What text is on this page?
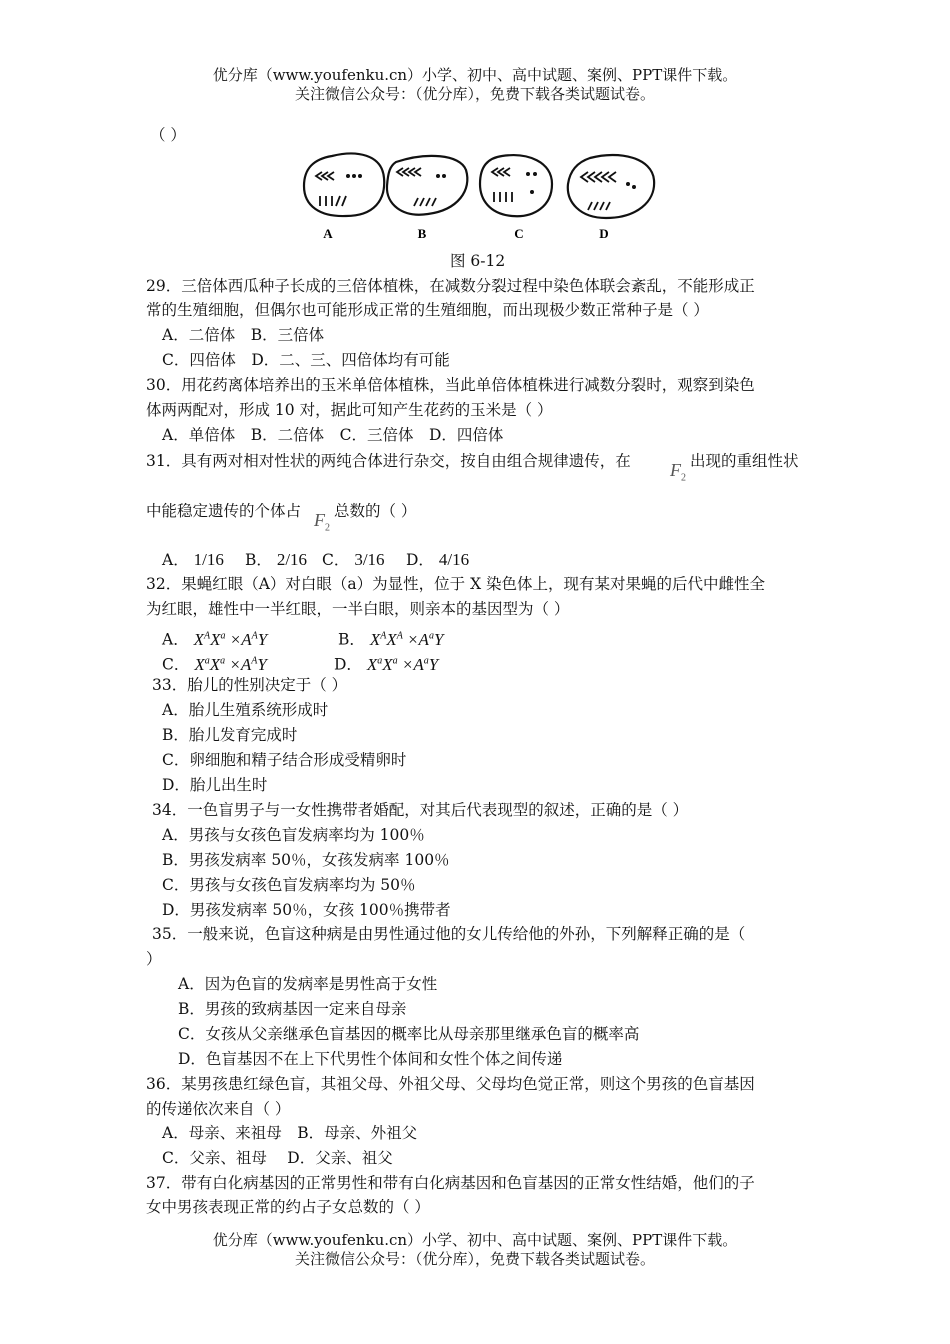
优分库（www.youfenku.cn）小学、初中、高中试题、案例、PPT课件下载。
关注微信公众号：（优分库），免费下载各类试题试卷。
（ ）
A	B	C	D
图 6-12
29．三倍体西瓜种子长成的三倍体植株，在减数分裂过程中染色体联会紊乱，不能形成正
常的生殖细胞，但偶尔也可能形成正常的生殖细胞，而出现极少数正常种子是（ ）
A．二倍体　B．三倍体
C．四倍体　D．二、三、四倍体均有可能
30．用花药离体培养出的玉米单倍体植株，当此单倍体植株进行减数分裂时，观察到染色
体两两配对，形成 10 对，据此可知产生花药的玉米是（ ）
A．单倍体　B．二倍体　C．三倍体　D．四倍体
31．具有两对相对性状的两纯合体进行杂交，按自由组合规律遗传，在 $F_2$
出现的重组性状
中能稳定遗传的个体占 $F_2$
总数的（ ）
A． 1/16 B． 2/16 C． 3/16 D． 4/16
32．果蝇红眼（A）对白眼（a）为显性，位于 X 染色体上，现有某对果蝇的后代中雌性全
为红眼，雄性中一半红眼，一半白眼，则亲本的基因型为（ ）
A． $X^AX^a \times A^AY$	B． $X^AX^A \times A^aY$
C． $X^aX^a \times A^AY$	D． $X^aX^a \times A^aY$
33．胎儿的性别决定于（ ）
A．胎儿生殖系统形成时
B．胎儿发育完成时
C．卵细胞和精子结合形成受精卵时
D．胎儿出生时
34．一色盲男子与一女性携带者婚配，对其后代表现型的叙述，正确的是（ ）
A．男孩与女孩色盲发病率均为 100％
B．男孩发病率 50％，女孩发病率 100％
C．男孩与女孩色盲发病率均为 50％
D．男孩发病率 50％，女孩 100％携带者
35．一般来说，色盲这种病是由男性通过他的女儿传给他的外孙，下列解释正确的是（
）
A．因为色盲的发病率是男性高于女性
B．男孩的致病基因一定来自母亲
C．女孩从父亲继承色盲基因的概率比从母亲那里继承色盲的概率高
D．色盲基因不在上下代男性个体间和女性个体之间传递
36．某男孩患红绿色盲，其祖父母、外祖父母、父母均色觉正常，则这个男孩的色盲基因
的传递依次来自（ ）
A．母亲、来祖母　B．母亲、外祖父
C．父亲、祖母　 D．父亲、祖父
37．带有白化病基因的正常男性和带有白化病基因和色盲基因的正常女性结婚，他们的子
女中男孩表现正常的约占子女总数的（ ）
优分库（www.youfenku.cn）小学、初中、高中试题、案例、PPT课件下载。
关注微信公众号：（优分库），免费下载各类试题试卷。
